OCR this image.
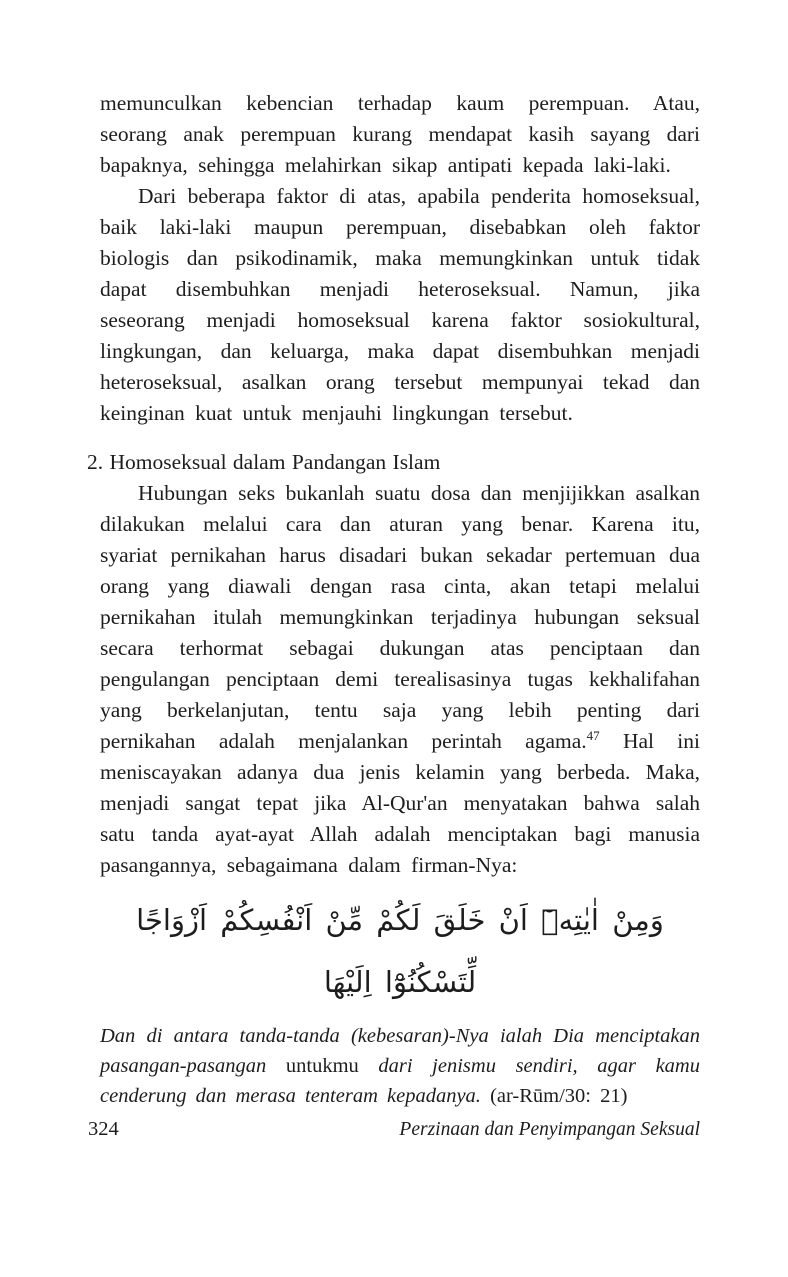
memunculkan kebencian terhadap kaum perempuan. Atau, seorang anak perempuan kurang mendapat kasih sayang dari bapaknya, sehingga melahirkan sikap antipati kepada laki-laki.

Dari beberapa faktor di atas, apabila penderita homoseksual, baik laki-laki maupun perempuan, disebabkan oleh faktor biologis dan psikodinamik, maka memungkinkan untuk tidak dapat disembuhkan menjadi heteroseksual. Namun, jika seseorang menjadi homoseksual karena faktor sosiokultural, lingkungan, dan keluarga, maka dapat disembuhkan menjadi heteroseksual, asalkan orang tersebut mempunyai tekad dan keinginan kuat untuk menjauhi lingkungan tersebut.

2. Homoseksual dalam Pandangan Islam

Hubungan seks bukanlah suatu dosa dan menjijikkan asalkan dilakukan melalui cara dan aturan yang benar. Karena itu, syariat pernikahan harus disadari bukan sekadar pertemuan dua orang yang diawali dengan rasa cinta, akan tetapi melalui pernikahan itulah memungkinkan terjadinya hubungan seksual secara terhormat sebagai dukungan atas penciptaan dan pengulangan penciptaan demi terealisasinya tugas kekhalifahan yang berkelanjutan, tentu saja yang lebih penting dari pernikahan adalah menjalankan perintah agama.$^{47}$ Hal ini meniscayakan adanya dua jenis kelamin yang berbeda. Maka, menjadi sangat tepat jika Al-Qur'an menyatakan bahwa salah satu tanda ayat-ayat Allah adalah menciptakan bagi manusia pasangannya, sebagaimana dalam firman-Nya:

وَمِنْ اٰيٰتِهٖٓ اَنْ خَلَقَ لَكُمْ مِّنْ اَنْفُسِكُمْ اَزْوَاجًا لِّتَسْكُنُوْٓا اِلَيْهَا

Dan di antara tanda-tanda (kebesaran)-Nya ialah Dia menciptakan pasangan-pasangan untukmu dari jenismu sendiri, agar kamu cenderung dan merasa tenteram kepadanya. (ar-Rūm/30: 21)

324	Perzinaan dan Penyimpangan Seksual
